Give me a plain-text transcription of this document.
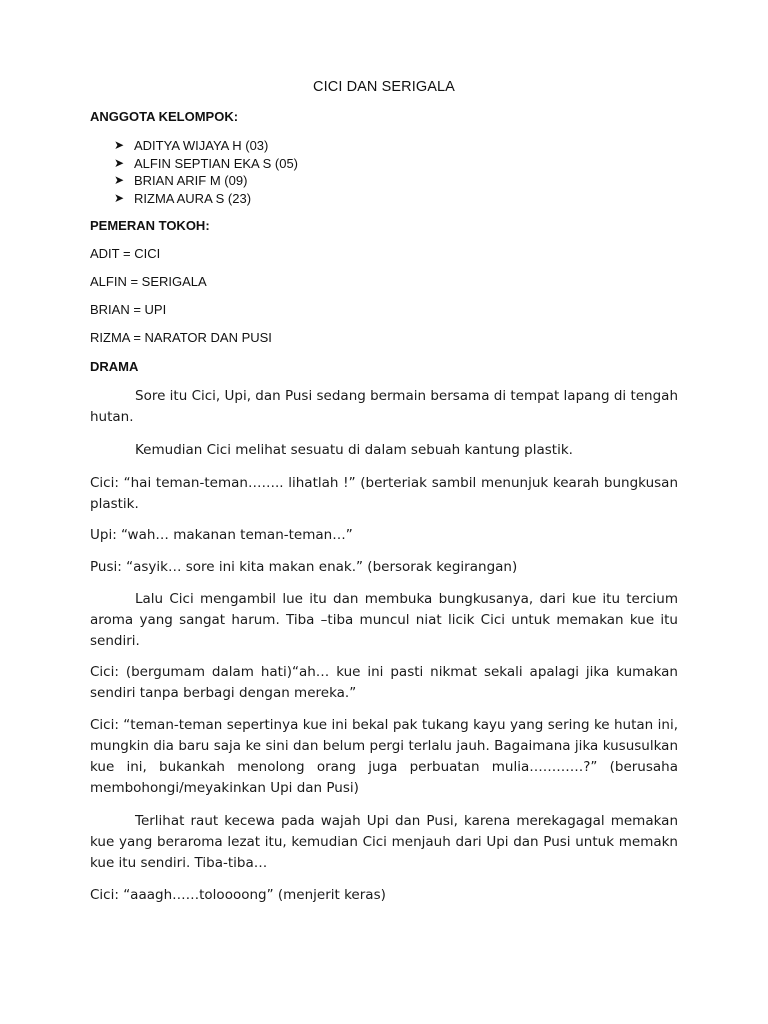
CICI DAN SERIGALA
ANGGOTA KELOMPOK:
➤ ADITYA WIJAYA H (03)
➤ ALFIN SEPTIAN EKA S (05)
➤ BRIAN ARIF M (09)
➤ RIZMA AURA S (23)
PEMERAN TOKOH:
ADIT = CICI
ALFIN = SERIGALA
BRIAN = UPI
RIZMA = NARATOR DAN PUSI
DRAMA

Sore itu Cici, Upi, dan Pusi sedang bermain bersama di tempat lapang di tengah hutan.

Kemudian Cici melihat sesuatu di dalam sebuah kantung plastik.

Cici: “hai teman-teman…….. lihatlah !” (berteriak sambil menunjuk kearah bungkusan plastik.

Upi: “wah… makanan teman-teman…”

Pusi: “asyik… sore ini kita makan enak.” (bersorak kegirangan)

Lalu Cici mengambil lue itu dan membuka bungkusanya, dari kue itu tercium aroma yang sangat harum. Tiba –tiba muncul niat licik Cici untuk memakan kue itu sendiri.

Cici: (bergumam dalam hati)“ah… kue ini pasti nikmat sekali apalagi jika kumakan sendiri tanpa berbagi dengan mereka.”

Cici: “teman-teman sepertinya kue ini bekal pak tukang kayu yang sering ke hutan ini, mungkin dia baru saja ke sini dan belum pergi terlalu jauh. Bagaimana jika kususulkan kue ini, bukankah menolong orang juga perbuatan mulia…………?” (berusaha membohongi/meyakinkan Upi dan Pusi)

Terlihat raut kecewa pada wajah Upi dan Pusi, karena merekagagal memakan kue yang beraroma lezat itu, kemudian Cici menjauh dari Upi dan Pusi untuk memakn kue itu sendiri. Tiba-tiba…

Cici: “aaagh……toloooong” (menjerit keras)
